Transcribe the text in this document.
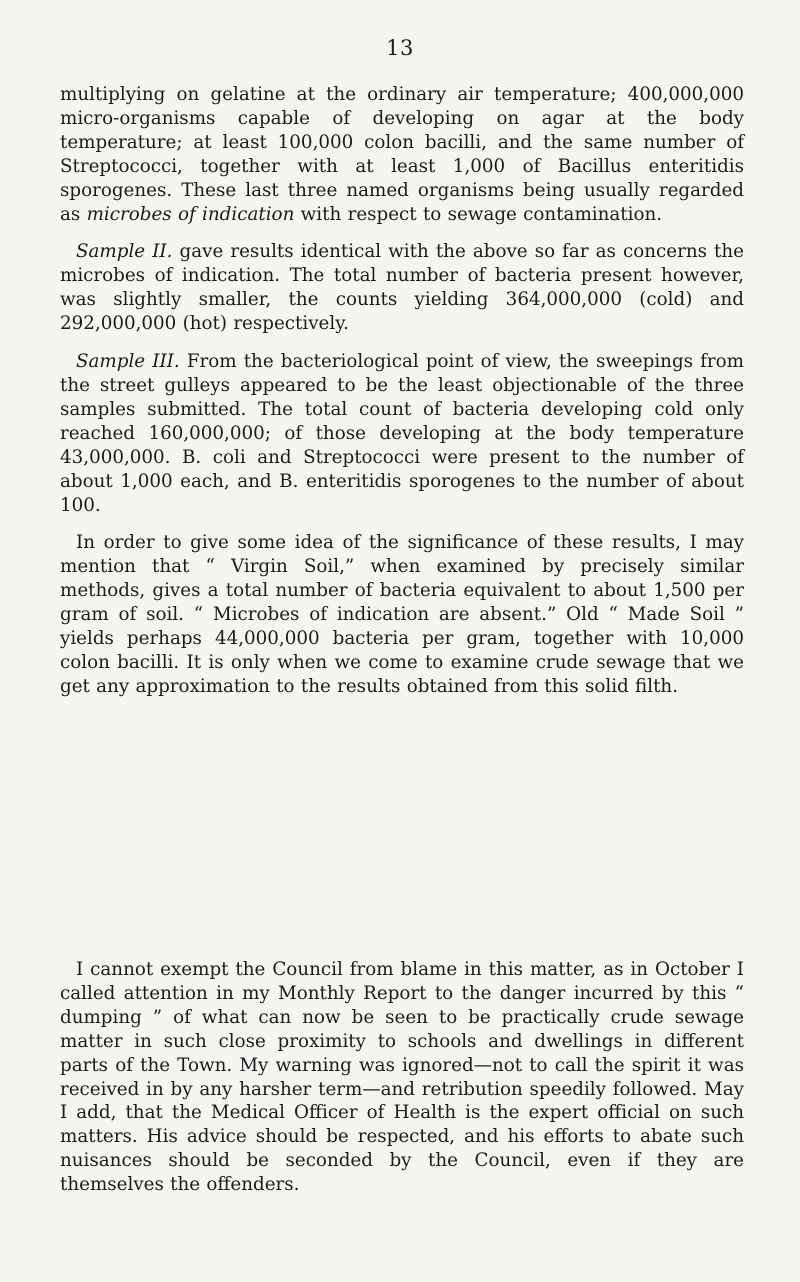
13

multiplying on gelatine at the ordinary air temperature; 400,000,000 micro-organisms capable of developing on agar at the body temperature; at least 100,000 colon bacilli, and the same number of Streptococci, together with at least 1,000 of Bacillus enteritidis sporogenes. These last three named organisms being usually regarded as microbes of indication with respect to sewage contamination.

Sample II. gave results identical with the above so far as concerns the microbes of indication. The total number of bacteria present however, was slightly smaller, the counts yielding 364,000,000 (cold) and 292,000,000 (hot) respectively.

Sample III. From the bacteriological point of view, the sweepings from the street gulleys appeared to be the least objectionable of the three samples submitted. The total count of bacteria developing cold only reached 160,000,000; of those developing at the body temperature 43,000,000. B. coli and Streptococci were present to the number of about 1,000 each, and B. enteritidis sporogenes to the number of about 100.

In order to give some idea of the significance of these results, I may mention that “ Virgin Soil,” when examined by precisely similar methods, gives a total number of bacteria equivalent to about 1,500 per gram of soil. “ Microbes of indication are absent.” Old “ Made Soil ” yields perhaps 44,000,000 bacteria per gram, together with 10,000 colon bacilli. It is only when we come to examine crude sewage that we get any approximation to the results obtained from this solid filth.

I cannot exempt the Council from blame in this matter, as in October I called attention in my Monthly Report to the danger incurred by this “ dumping ” of what can now be seen to be practically crude sewage matter in such close proximity to schools and dwellings in different parts of the Town. My warning was ignored—not to call the spirit it was received in by any harsher term—and retribution speedily followed. May I add, that the Medical Officer of Health is the expert official on such matters. His advice should be respected, and his efforts to abate such nuisances should be seconded by the Council, even if they are themselves the offenders.
